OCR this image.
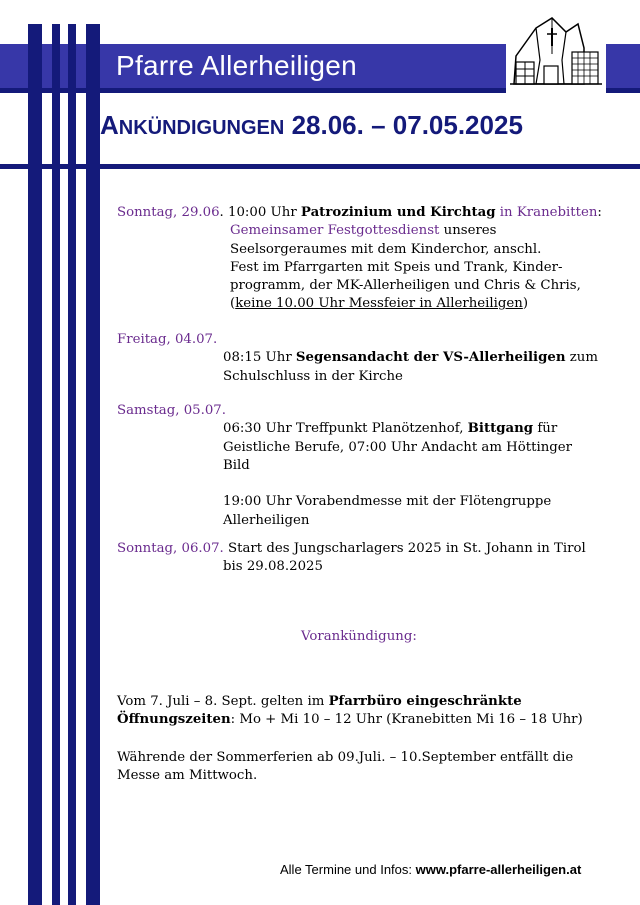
Pfarre Allerheiligen
ANKÜNDIGUNGEN 28.06. – 07.05.2025
Sonntag, 29.06. 10:00 Uhr Patrozinium und Kirchtag in Kranebitten:
Gemeinsamer Festgottesdienst unseres
Seelsorgeraumes mit dem Kinderchor, anschl.
Fest im Pfarrgarten mit Speis und Trank, Kinder-
programm, der MK-Allerheiligen und Chris & Chris,
(keine 10.00 Uhr Messfeier in Allerheiligen)
Freitag, 04.07.
08:15 Uhr Segensandacht der VS-Allerheiligen zum
Schulschluss in der Kirche
Samstag, 05.07.
06:30 Uhr Treffpunkt Planötzenhof, Bittgang für
Geistliche Berufe, 07:00 Uhr Andacht am Höttinger
Bild

19:00 Uhr Vorabendmesse mit der Flötengruppe
Allerheiligen
Sonntag, 06.07. Start des Jungscharlagers 2025 in St. Johann in Tirol
bis 29.08.2025
Vorankündigung:
Vom 7. Juli – 8. Sept. gelten im Pfarrbüro eingeschränkte
Öffnungszeiten: Mo + Mi 10 – 12 Uhr (Kranebitten Mi 16 – 18 Uhr)
Währende der Sommerferien ab 09.Juli. – 10.September entfällt die
Messe am Mittwoch.
Alle Termine und Infos: www.pfarre-allerheiligen.at
